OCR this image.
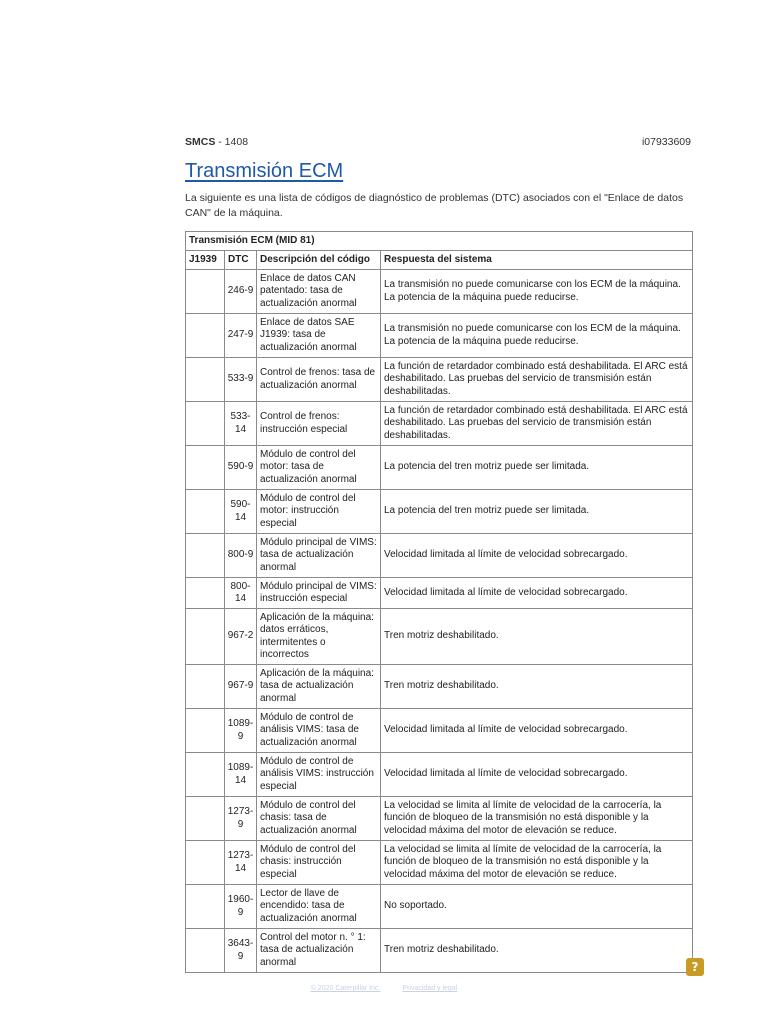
SMCS - 1408	i07933609
Transmisión ECM

La siguiente es una lista de códigos de diagnóstico de problemas (DTC) asociados con el "Enlace de datos CAN" de la máquina.

Transmisión ECM (MID 81)			
J1939	DTC	Descripción del código	Respuesta del sistema
	246-9	Enlace de datos CAN patentado: tasa de actualización anormal	La transmisión no puede comunicarse con los ECM de la máquina. La potencia de la máquina puede reducirse.
	247-9	Enlace de datos SAE J1939: tasa de actualización anormal	La transmisión no puede comunicarse con los ECM de la máquina. La potencia de la máquina puede reducirse.
	533-9	Control de frenos: tasa de actualización anormal	La función de retardador combinado está deshabilitada. El ARC está deshabilitado. Las pruebas del servicio de transmisión están deshabilitadas.
	533-14	Control de frenos: instrucción especial	La función de retardador combinado está deshabilitada. El ARC está deshabilitado. Las pruebas del servicio de transmisión están deshabilitadas.
	590-9	Módulo de control del motor: tasa de actualización anormal	La potencia del tren motriz puede ser limitada.
	590-14	Módulo de control del motor: instrucción especial	La potencia del tren motriz puede ser limitada.
	800-9	Módulo principal de VIMS: tasa de actualización anormal	Velocidad limitada al límite de velocidad sobrecargado.
	800-14	Módulo principal de VIMS: instrucción especial	Velocidad limitada al límite de velocidad sobrecargado.
	967-2	Aplicación de la máquina: datos erráticos, intermitentes o incorrectos	Tren motriz deshabilitado.
	967-9	Aplicación de la máquina: tasa de actualización anormal	Tren motriz deshabilitado.
	1089-9	Módulo de control de análisis VIMS: tasa de actualización anormal	Velocidad limitada al límite de velocidad sobrecargado.
	1089-14	Módulo de control de análisis VIMS: instrucción especial	Velocidad limitada al límite de velocidad sobrecargado.
	1273-9	Módulo de control del chasis: tasa de actualización anormal	La velocidad se limita al límite de velocidad de la carrocería, la función de bloqueo de la transmisión no está disponible y la velocidad máxima del motor de elevación se reduce.
	1273-14	Módulo de control del chasis: instrucción especial	La velocidad se limita al límite de velocidad de la carrocería, la función de bloqueo de la transmisión no está disponible y la velocidad máxima del motor de elevación se reduce.
	1960-9	Lector de llave de encendido: tasa de actualización anormal	No soportado.
	3643-9	Control del motor n. ° 1: tasa de actualización anormal	Tren motriz deshabilitado.
?
© 2020 Caterpillar Inc.	Privacidad y legal
